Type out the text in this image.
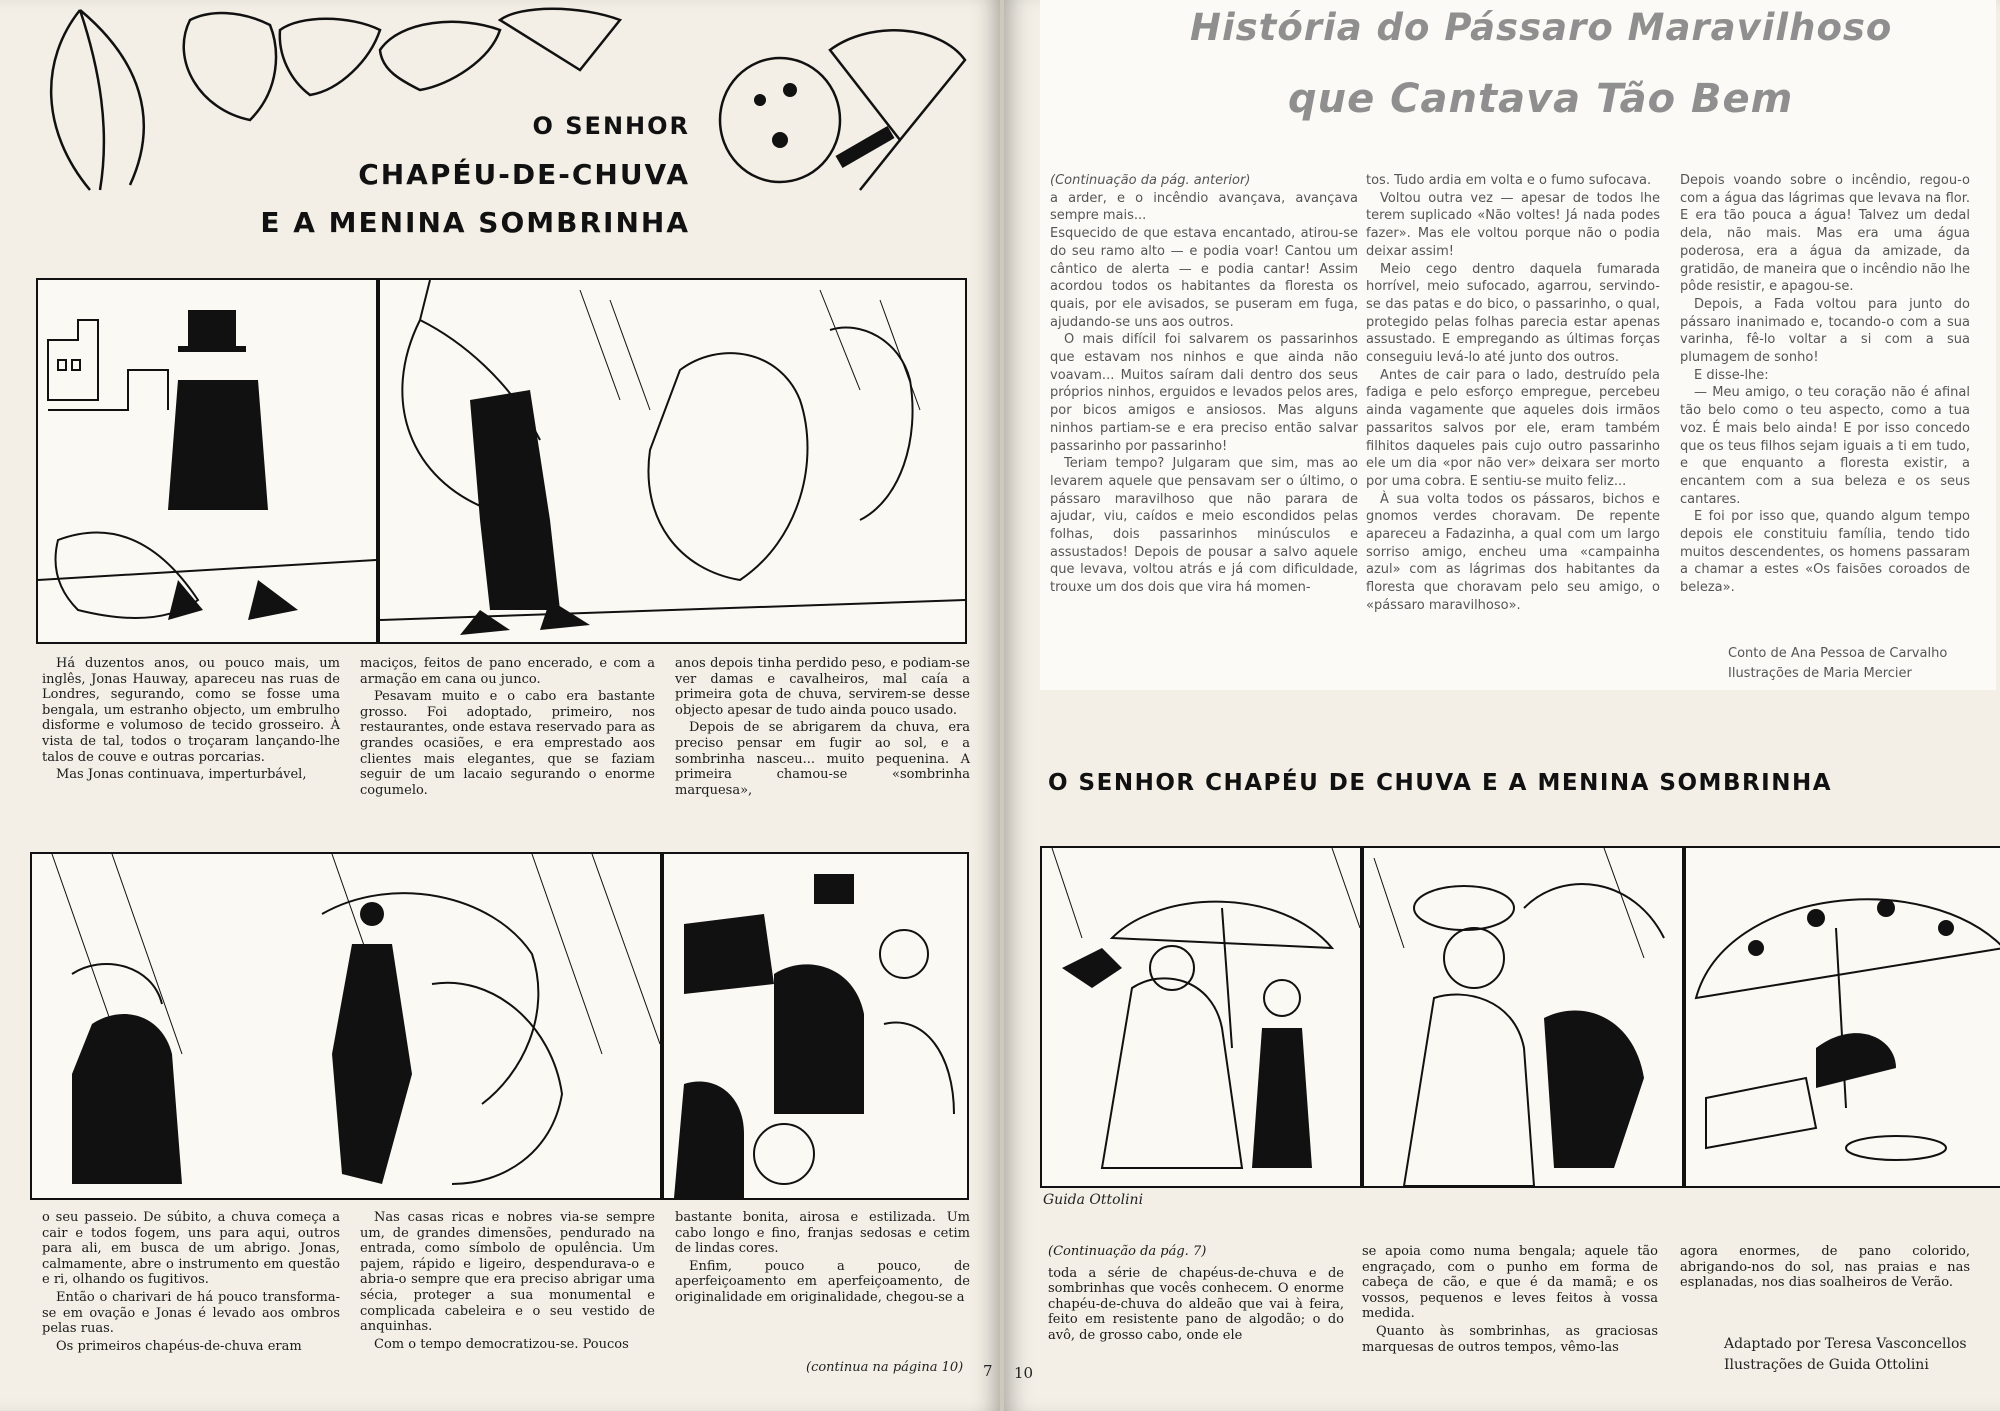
O SENHOR
CHAPÉU-DE-CHUVA
E A MENINA SOMBRINHA

Há duzentos anos, ou pouco mais, um inglês, Jonas Hauway, apareceu nas ruas de Londres, segurando, como se fosse uma bengala, um estranho objecto, um embrulho disforme e volumoso de tecido grosseiro. À vista de tal, todos o troçaram lançando-lhe talos de couve e outras porcarias.

Mas Jonas continuava, imperturbável,

maciços, feitos de pano encerado, e com a armação em cana ou junco.

Pesavam muito e o cabo era bastante grosso. Foi adoptado, primeiro, nos restaurantes, onde estava reservado para as grandes ocasiões, e era emprestado aos clientes mais elegantes, que se faziam seguir de um lacaio segurando o enorme cogumelo.

anos depois tinha perdido peso, e podiam-se ver damas e cavalheiros, mal caía a primeira gota de chuva, servirem-se desse objecto apesar de tudo ainda pouco usado.

Depois de se abrigarem da chuva, era preciso pensar em fugir ao sol, e a sombrinha nasceu... muito pequenina. A primeira chamou-se «sombrinha marquesa»,

o seu passeio. De súbito, a chuva começa a cair e todos fogem, uns para aqui, outros para ali, em busca de um abrigo. Jonas, calmamente, abre o instrumento em questão e ri, olhando os fugitivos.

Então o charivari de há pouco transforma-se em ovação e Jonas é levado aos ombros pelas ruas.

Os primeiros chapéus-de-chuva eram

Nas casas ricas e nobres via-se sempre um, de grandes dimensões, pendurado na entrada, como símbolo de opulência. Um pajem, rápido e ligeiro, despendurava-o e abria-o sempre que era preciso abrigar uma sécia, proteger a sua monumental e complicada cabeleira e o seu vestido de anquinhas.

Com o tempo democratizou-se. Poucos

bastante bonita, airosa e estilizada. Um cabo longo e fino, franjas sedosas e cetim de lindas cores.

Enfim, pouco a pouco, de aperfeiçoamento em aperfeiçoamento, de originalidade em originalidade, chegou-se a

(continua na página 10) 7
História do Pássaro Maravilhoso
que Cantava Tão Bem

(Continuação da pág. anterior)

a arder, e o incêndio avançava, avançava sempre mais...

Esquecido de que estava encantado, atirou-se do seu ramo alto — e podia voar! Cantou um cântico de alerta — e podia cantar! Assim acordou todos os habitantes da floresta os quais, por ele avisados, se puseram em fuga, ajudando-se uns aos outros.

O mais difícil foi salvarem os passarinhos que estavam nos ninhos e que ainda não voavam... Muitos saíram dali dentro dos seus próprios ninhos, erguidos e levados pelos ares, por bicos amigos e ansiosos. Mas alguns ninhos partiam-se e era preciso então salvar passarinho por passarinho!

Teriam tempo? Julgaram que sim, mas ao levarem aquele que pensavam ser o último, o pássaro maravilhoso que não parara de ajudar, viu, caídos e meio escondidos pelas folhas, dois passarinhos minúsculos e assustados! Depois de pousar a salvo aquele que levava, voltou atrás e já com dificuldade, trouxe um dos dois que vira há momen-

tos. Tudo ardia em volta e o fumo sufocava.

Voltou outra vez — apesar de todos lhe terem suplicado «Não voltes! Já nada podes fazer». Mas ele voltou porque não o podia deixar assim!

Meio cego dentro daquela fumarada horrível, meio sufocado, agarrou, servindo-se das patas e do bico, o passarinho, o qual, protegido pelas folhas parecia estar apenas assustado. E empregando as últimas forças conseguiu levá-lo até junto dos outros.

Antes de cair para o lado, destruído pela fadiga e pelo esforço empregue, percebeu ainda vagamente que aqueles dois irmãos passaritos salvos por ele, eram também filhitos daqueles pais cujo outro passarinho ele um dia «por não ver» deixara ser morto por uma cobra. E sentiu-se muito feliz...

À sua volta todos os pássaros, bichos e gnomos verdes choravam. De repente apareceu a Fadazinha, a qual com um largo sorriso amigo, encheu uma «campainha azul» com as lágrimas dos habitantes da floresta que choravam pelo seu amigo, o «pássaro maravilhoso».

Depois voando sobre o incêndio, regou-o com a água das lágrimas que levava na flor. E era tão pouca a água! Talvez um dedal dela, não mais. Mas era uma água poderosa, era a água da amizade, da gratidão, de maneira que o incêndio não lhe pôde resistir, e apagou-se.

Depois, a Fada voltou para junto do pássaro inanimado e, tocando-o com a sua varinha, fê-lo voltar a si com a sua plumagem de sonho!

E disse-lhe:

— Meu amigo, o teu coração não é afinal tão belo como o teu aspecto, como a tua voz. É mais belo ainda! E por isso concedo que os teus filhos sejam iguais a ti em tudo, e que enquanto a floresta existir, a encantem com a sua beleza e os seus cantares.

E foi por isso que, quando algum tempo depois ele constituiu família, tendo tido muitos descendentes, os homens passaram a chamar a estes «Os faisões coroados de beleza».

Conto de Ana Pessoa de Carvalho
Ilustrações de Maria Mercier
O SENHOR CHAPÉU DE CHUVA E A MENINA SOMBRINHA
Guida Ottolini

(Continuação da pág. 7)

toda a série de chapéus-de-chuva e de sombrinhas que vocês conhecem. O enorme chapéu-de-chuva do aldeão que vai à feira, feito em resistente pano de algodão; o do avô, de grosso cabo, onde ele

se apoia como numa bengala; aquele tão engraçado, com o punho em forma de cabeça de cão, e que é da mamã; e os vossos, pequenos e leves feitos à vossa medida.

Quanto às sombrinhas, as graciosas marquesas de outros tempos, vêmo-las

agora enormes, de pano colorido, abrigando-nos do sol, nas praias e nas esplanadas, nos dias soalheiros de Verão.

Adaptado por Teresa Vasconcellos
Ilustrações de Guida Ottolini
10
